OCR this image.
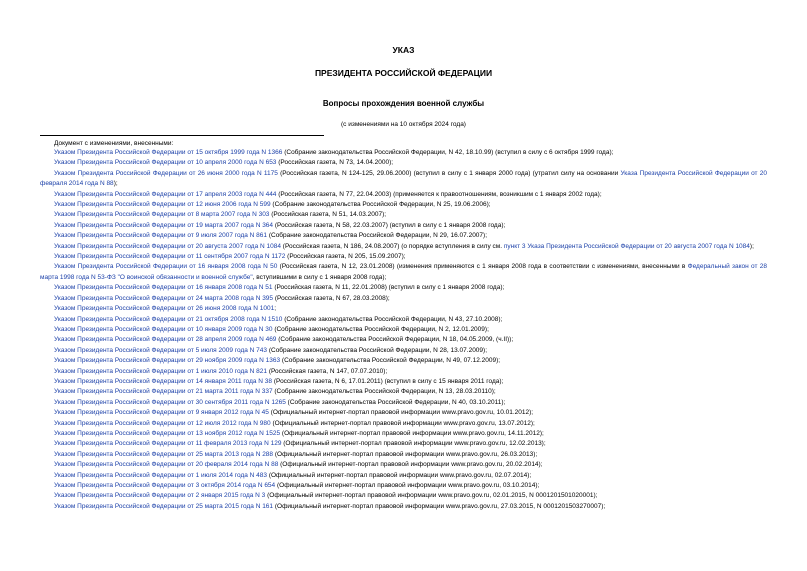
УКАЗ
ПРЕЗИДЕНТА РОССИЙСКОЙ ФЕДЕРАЦИИ
Вопросы прохождения военной службы

(с изменениями на 10 октября 2024 года)

Документ с изменениями, внесенными:

Указом Президента Российской Федерации от 15 октября 1999 года N 1366 (Собрание законодательства Российской Федерации, N 42, 18.10.99) (вступил в силу с 6 октября 1999 года);

Указом Президента Российской Федерации от 10 апреля 2000 года N 653 (Российская газета, N 73, 14.04.2000);

Указом Президента Российской Федерации от 26 июня 2000 года N 1175 (Российская газета, N 124-125, 29.06.2000) (вступил в силу с 1 января 2000 года) (утратил силу на основании Указа Президента Российской Федерации от 20 февраля 2014 года N 88);

Указом Президента Российской Федерации от 17 апреля 2003 года N 444 (Российская газета, N 77, 22.04.2003) (применяется к правоотношениям, возникшим с 1 января 2002 года);

Указом Президента Российской Федерации от 12 июня 2006 года N 599 (Собрание законодательства Российской Федерации, N 25, 19.06.2006);

Указом Президента Российской Федерации от 8 марта 2007 года N 303 (Российская газета, N 51, 14.03.2007);

Указом Президента Российской Федерации от 19 марта 2007 года N 364 (Российская газета, N 58, 22.03.2007) (вступил в силу с 1 января 2008 года);

Указом Президента Российской Федерации от 9 июля 2007 года N 861 (Собрание законодательства Российской Федерации, N 29, 16.07.2007);

Указом Президента Российской Федерации от 20 августа 2007 года N 1084 (Российская газета, N 186, 24.08.2007) (о порядке вступления в силу см. пункт 3 Указа Президента Российской Федерации от 20 августа 2007 года N 1084);

Указом Президента Российской Федерации от 11 сентября 2007 года N 1172 (Российская газета, N 205, 15.09.2007);

Указом Президента Российской Федерации от 16 января 2008 года N 50 (Российская газета, N 12, 23.01.2008) (изменения применяются с 1 января 2008 года в соответствии с изменениями, внесенными в Федеральный закон от 28 марта 1998 года N 53-ФЗ "О воинской обязанности и военной службе", вступившими в силу с 1 января 2008 года);

Указом Президента Российской Федерации от 16 января 2008 года N 51 (Российская газета, N 11, 22.01.2008) (вступил в силу с 1 января 2008 года);

Указом Президента Российской Федерации от 24 марта 2008 года N 395 (Российская газета, N 67, 28.03.2008);

Указом Президента Российской Федерации от 26 июня 2008 года N 1001;

Указом Президента Российской Федерации от 21 октября 2008 года N 1510 (Собрание законодательства Российской Федерации, N 43, 27.10.2008);

Указом Президента Российской Федерации от 10 января 2009 года N 30 (Собрание законодательства Российской Федерации, N 2, 12.01.2009);

Указом Президента Российской Федерации от 28 апреля 2009 года N 469 (Собрание законодательства Российской Федерации, N 18, 04.05.2009, (ч.II));

Указом Президента Российской Федерации от 5 июля 2009 года N 743 (Собрание законодательства Российской Федерации, N 28, 13.07.2009);

Указом Президента Российской Федерации от 29 ноября 2009 года N 1363 (Собрание законодательства Российской Федерации, N 49, 07.12.2009);

Указом Президента Российской Федерации от 1 июля 2010 года N 821 (Российская газета, N 147, 07.07.2010);

Указом Президента Российской Федерации от 14 января 2011 года N 38 (Российская газета, N 6, 17.01.2011) (вступил в силу с 15 января 2011 года);

Указом Президента Российской Федерации от 21 марта 2011 года N 337 (Собрание законодательства Российской Федерации, N 13, 28.03.20110);

Указом Президента Российской Федерации от 30 сентября 2011 года N 1265 (Собрание законодательства Российской Федерации, N 40, 03.10.2011);

Указом Президента Российской Федерации от 9 января 2012 года N 45 (Официальный интернет-портал правовой информации www.pravo.gov.ru, 10.01.2012);

Указом Президента Российской Федерации от 12 июля 2012 года N 980 (Официальный интернет-портал правовой информации www.pravo.gov.ru, 13.07.2012);

Указом Президента Российской Федерации от 13 ноября 2012 года N 1525 (Официальный интернет-портал правовой информации www.pravo.gov.ru, 14.11.2012);

Указом Президента Российской Федерации от 11 февраля 2013 года N 129 (Официальный интернет-портал правовой информации www.pravo.gov.ru, 12.02.2013);

Указом Президента Российской Федерации от 25 марта 2013 года N 288 (Официальный интернет-портал правовой информации www.pravo.gov.ru, 26.03.2013);

Указом Президента Российской Федерации от 20 февраля 2014 года N 88 (Официальный интернет-портал правовой информации www.pravo.gov.ru, 20.02.2014);

Указом Президента Российской Федерации от 1 июля 2014 года N 483 (Официальный интернет-портал правовой информации www.pravo.gov.ru, 02.07.2014);

Указом Президента Российской Федерации от 3 октября 2014 года N 654 (Официальный интернет-портал правовой информации www.pravo.gov.ru, 03.10.2014);

Указом Президента Российской Федерации от 2 января 2015 года N 3 (Официальный интернет-портал правовой информации www.pravo.gov.ru, 02.01.2015, N 0001201501020001);

Указом Президента Российской Федерации от 25 марта 2015 года N 161 (Официальный интернет-портал правовой информации www.pravo.gov.ru, 27.03.2015, N 0001201503270007);
